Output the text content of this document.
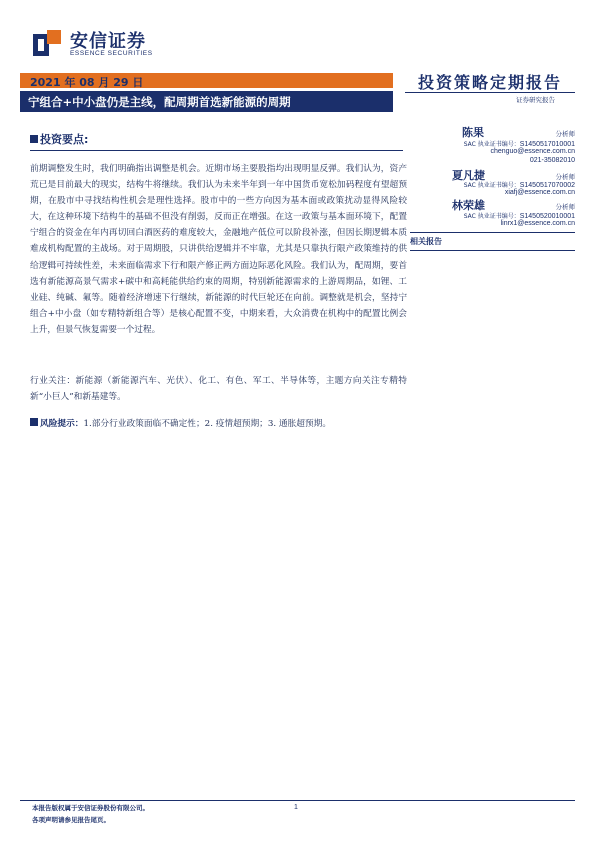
安信证券
ESSENCE SECURITIES
2021 年 08 月 29 日
宁组合+中小盘仍是主线，配周期首选新能源的周期
投资策略定期报告
证券研究报告
投资要点:
前期调整发生时，我们明确指出调整是机会。近期市场主要股指均出现明显反弹。我们认为，资产荒已是目前最大的现实，结构牛将继续。我们认为未来半年到一年中国货币宽松加码程度有望超预期，在股市中寻找结构性机会是理性选择。股市中的一些方向因为基本面或政策扰动显得风险较大，在这种环境下结构牛的基础不但没有削弱，反而正在增强。在这一政策与基本面环境下，配置宁组合的资金在年内再切回白酒医药的难度较大，金融地产低位可以阶段补涨，但因长期逻辑本质难成机构配置的主战场。对于周期股，只讲供给逻辑并不牢靠，尤其是只靠执行限产政策维持的供给逻辑可持续性差，未来面临需求下行和限产修正两方面边际恶化风险。我们认为，配周期，要首选有新能源高景气需求+碳中和高耗能供给约束的周期，特别新能源需求的上游周期品，如锂、工业硅、纯碱、氟等。随着经济增速下行继续，新能源的时代巨轮还在向前。调整就是机会，坚持宁组合+中小盘（如专精特新组合等）是核心配置不变，中期来看，大众消费在机构中的配置比例会上升，但景气恢复需要一个过程。
行业关注：新能源（新能源汽车、光伏）、化工、有色、军工、半导体等，主题方向关注专精特新“小巨人”和新基建等。
风险提示：1.部分行业政策面临不确定性；2. 疫情超预期；3. 通胀超预期。
陈果	分析师
SAC 执业证书编号：S1450517010001
chenguo@essence.com.cn
021-35082010
夏凡捷	分析师
SAC 执业证书编号：S1450517070002
xiafj@essence.com.cn
林荣雄	分析师
SAC 执业证书编号：S1450520010001
linrx1@essence.com.cn
相关报告
本报告版权属于安信证券股份有限公司。
各项声明请参见报告尾页。
1
